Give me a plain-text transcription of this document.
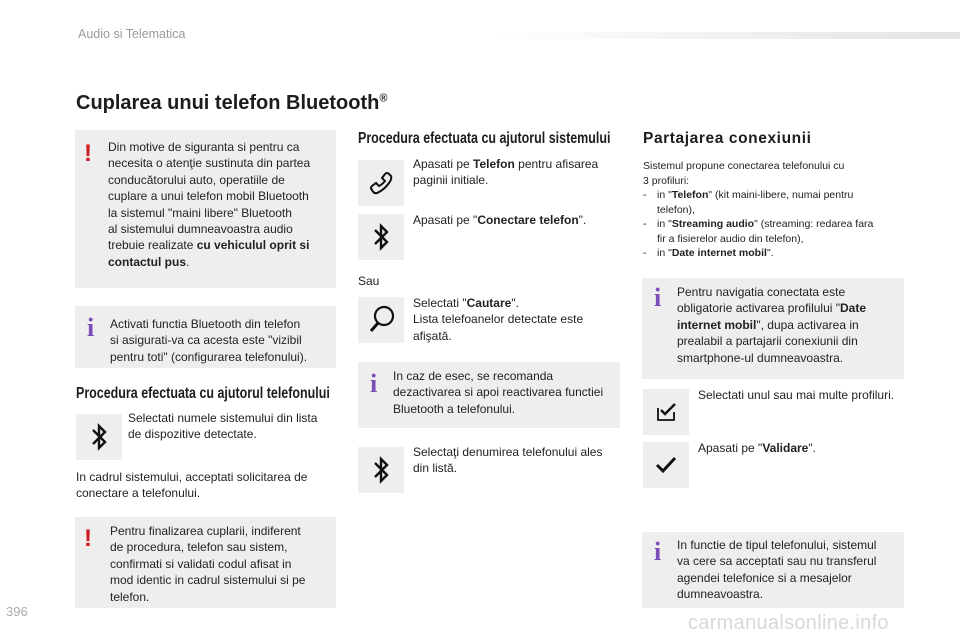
Audio si Telematica
Cuplarea unui telefon Bluetooth®
! Din motive de siguranta si pentru ca
necesita o atenţie sustinuta din partea
conducătorului auto, operatiile de
cuplare a unui telefon mobil Bluetooth
la sistemul "maini libere" Bluetooth
al sistemului dumneavoastra audio
trebuie realizate cu vehiculul oprit si
contactul pus.

i Activati functia Bluetooth din telefon
si asigurati-va ca acesta este "vizibil
pentru toti" (configurarea telefonului).

Procedura efectuata cu ajutorul telefonului

Selectati numele sistemului din lista
de dispozitive detectate.

In cadrul sistemului, acceptati solicitarea de
conectare a telefonului.

! Pentru finalizarea cuplarii, indiferent
de procedura, telefon sau sistem,
confirmati si validati codul afisat in
mod identic in cadrul sistemului si pe
telefon.

Procedura efectuata cu ajutorul sistemului

Apasati pe Telefon pentru afisarea
paginii initiale.

Apasati pe "Conectare telefon".

Sau

Selectati "Cautare".
Lista telefoanelor detectate este
afişată.

i In caz de esec, se recomanda
dezactivarea si apoi reactivarea functiei
Bluetooth a telefonului.

Selectaţi denumirea telefonului ales
din listă.

Partajarea conexiunii
Sistemul propune conectarea telefonului cu
3 profiluri:
- in "Telefon" (kit maini-libere, numai pentru
telefon),
- in "Streaming audio" (streaming: redarea fara
fir a fisierelor audio din telefon),
- in "Date internet mobil".
i Pentru navigatia conectata este
obligatorie activarea profilului "Date
internet mobil", dupa activarea in
prealabil a partajarii conexiunii din
smartphone-ul dumneavoastra.

Selectati unul sau mai multe profiluri.

Apasati pe "Validare".

i In functie de tipul telefonului, sistemul
va cere sa acceptati sau nu transferul
agendei telefonice si a mesajelor
dumneavoastra.

396
carmanualsonline.info
